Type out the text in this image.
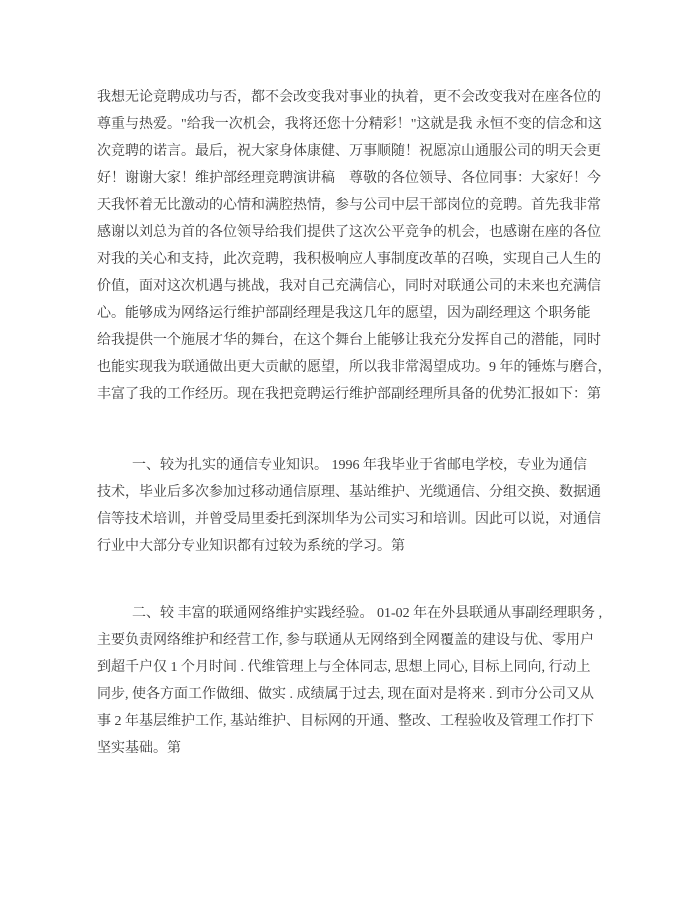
我想无论竞聘成功与否，都不会改变我对事业的执着，更不会改变我对在座各位的
尊重与热爱。"给我一次机会，我将还您十分精彩！"这就是我 永恒不变的信念和这
次竞聘的诺言。最后，祝大家身体康健、万事顺随！祝愿凉山通服公司的明天会更
好！谢谢大家！维护部经理竞聘演讲稿　尊敬的各位领导、各位同事：大家好！今
天我怀着无比激动的心情和满腔热情，参与公司中层干部岗位的竞聘。首先我非常
感谢以刘总为首的各位领导给我们提供了这次公平竞争的机会，也感谢在座的各位
对我的关心和支持，此次竞聘，我积极响应人事制度改革的召唤，实现自己人生的
价值，面对这次机遇与挑战，我对自己充满信心，同时对联通公司的未来也充满信
心。能够成为网络运行维护部副经理是我这几年的愿望，因为副经理这 个职务能
给我提供一个施展才华的舞台，在这个舞台上能够让我充分发挥自己的潜能，同时
也能实现我为联通做出更大贡献的愿望，所以我非常渴望成功。9 年的锤炼与磨合，
丰富了我的工作经历。现在我把竞聘运行维护部副经理所具备的优势汇报如下：第
一、较为扎实的通信专业知识。 1996 年我毕业于省邮电学校，专业为通信
技术，毕业后多次参加过移动通信原理、基站维护、光缆通信、分组交换、数据通
信等技术培训，并曾受局里委托到深圳华为公司实习和培训。因此可以说，对通信
行业中大部分专业知识都有过较为系统的学习。第
二、较 丰富的联通网络维护实践经验。 01-02 年在外县联通从事副经理职务 ,
主要负责网络维护和经营工作, 参与联通从无网络到全网覆盖的建设与优、零用户
到超千户仅 1 个月时间 . 代维管理上与全体同志, 思想上同心, 目标上同向, 行动上
同步, 使各方面工作做细、做实 . 成绩属于过去, 现在面对是将来 . 到市分公司又从
事 2 年基层维护工作, 基站维护、目标网的开通、整改、工程验收及管理工作打下
坚实基础。第
